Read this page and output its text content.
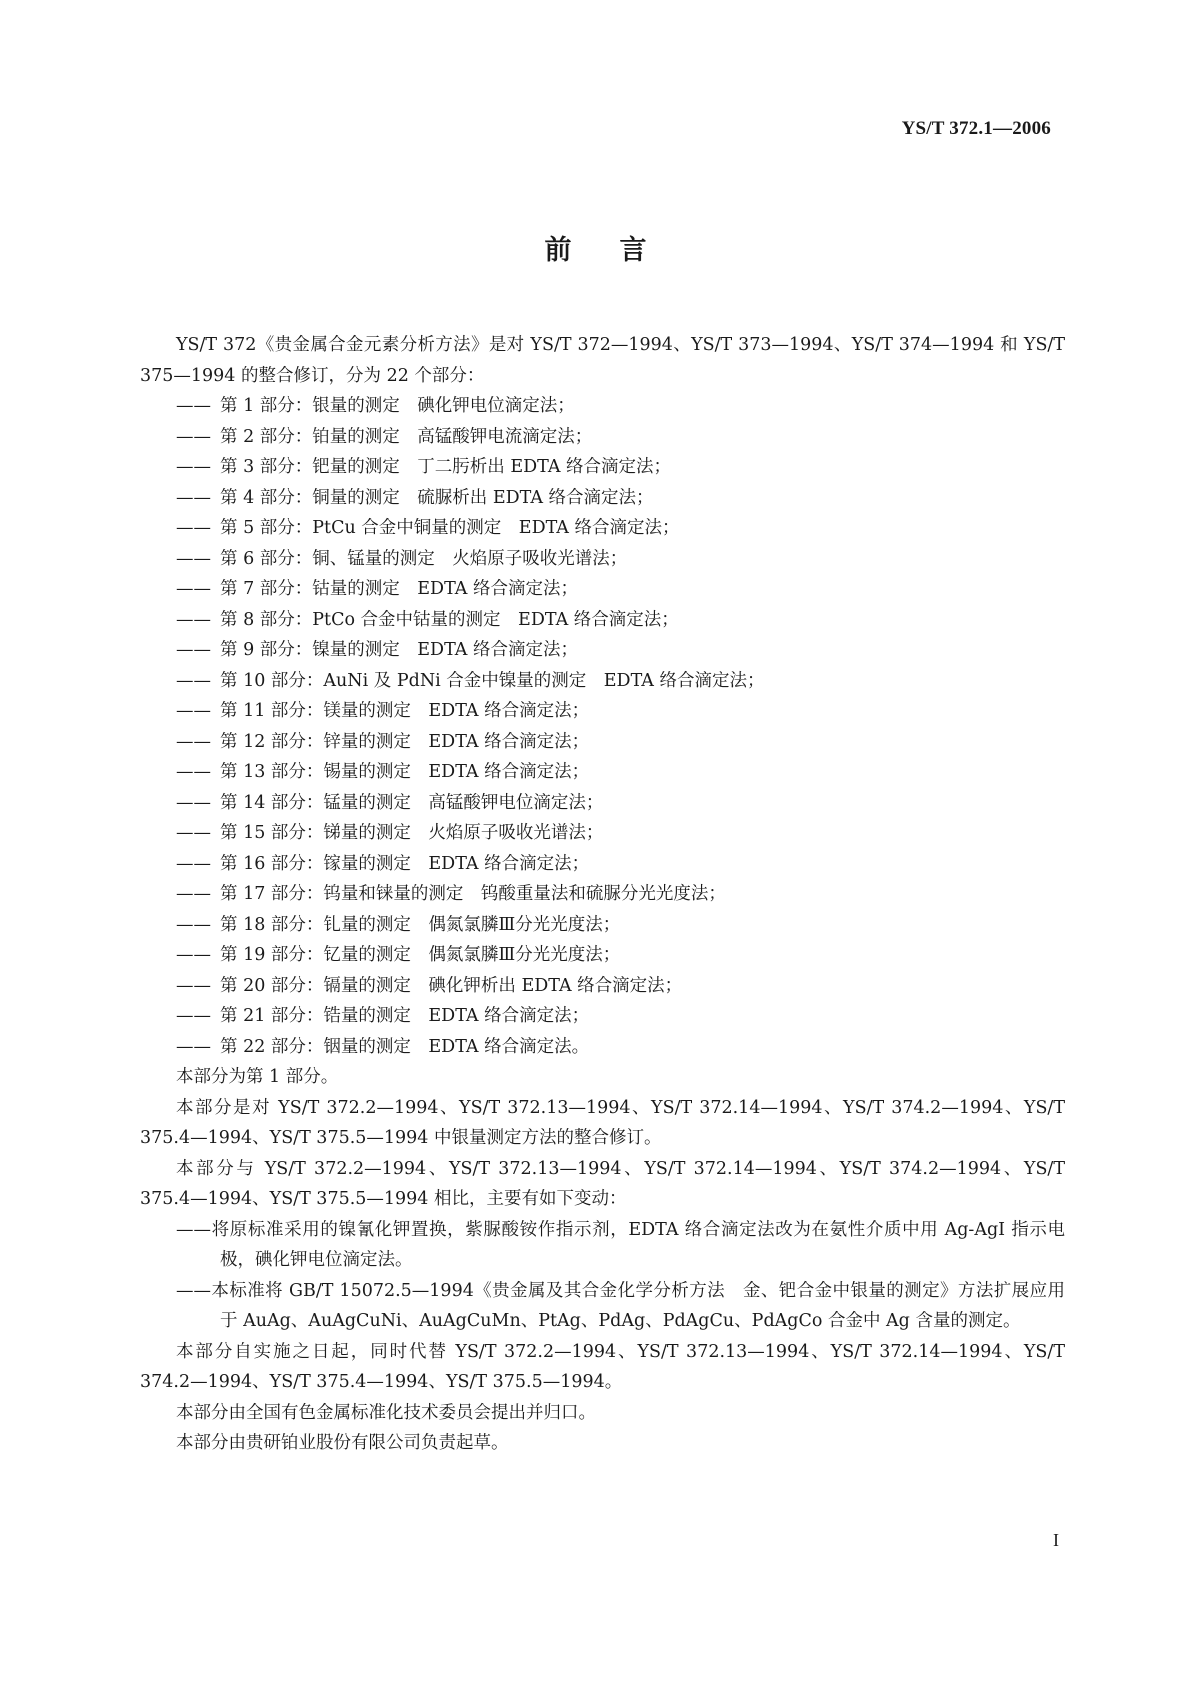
YS/T 372.1—2006
前言

YS/T 372《贵金属合金元素分析方法》是对 YS/T 372—1994、YS/T 373—1994、YS/T 374—1994 和 YS/T 375—1994 的整合修订，分为 22 个部分：

—— 第 1 部分：银量的测定　碘化钾电位滴定法；
—— 第 2 部分：铂量的测定　高锰酸钾电流滴定法；
—— 第 3 部分：钯量的测定　丁二肟析出 EDTA 络合滴定法；
—— 第 4 部分：铜量的测定　硫脲析出 EDTA 络合滴定法；
—— 第 5 部分：PtCu 合金中铜量的测定　EDTA 络合滴定法；
—— 第 6 部分：铜、锰量的测定　火焰原子吸收光谱法；
—— 第 7 部分：钴量的测定　EDTA 络合滴定法；
—— 第 8 部分：PtCo 合金中钴量的测定　EDTA 络合滴定法；
—— 第 9 部分：镍量的测定　EDTA 络合滴定法；
—— 第 10 部分：AuNi 及 PdNi 合金中镍量的测定　EDTA 络合滴定法；
—— 第 11 部分：镁量的测定　EDTA 络合滴定法；
—— 第 12 部分：锌量的测定　EDTA 络合滴定法；
—— 第 13 部分：锡量的测定　EDTA 络合滴定法；
—— 第 14 部分：锰量的测定　高锰酸钾电位滴定法；
—— 第 15 部分：锑量的测定　火焰原子吸收光谱法；
—— 第 16 部分：镓量的测定　EDTA 络合滴定法；
—— 第 17 部分：钨量和铼量的测定　钨酸重量法和硫脲分光光度法；
—— 第 18 部分：钆量的测定　偶氮氯膦Ⅲ分光光度法；
—— 第 19 部分：钇量的测定　偶氮氯膦Ⅲ分光光度法；
—— 第 20 部分：镉量的测定　碘化钾析出 EDTA 络合滴定法；
—— 第 21 部分：锆量的测定　EDTA 络合滴定法；
—— 第 22 部分：铟量的测定　EDTA 络合滴定法。

本部分为第 1 部分。

本部分是对 YS/T 372.2—1994、YS/T 372.13—1994、YS/T 372.14—1994、YS/T 374.2—1994、YS/T 375.4—1994、YS/T 375.5—1994 中银量测定方法的整合修订。

本部分与 YS/T 372.2—1994、YS/T 372.13—1994、YS/T 372.14—1994、YS/T 374.2—1994、YS/T 375.4—1994、YS/T 375.5—1994 相比，主要有如下变动：

——将原标准采用的镍氰化钾置换，紫脲酸铵作指示剂，EDTA 络合滴定法改为在氨性介质中用 Ag-AgI 指示电极，碘化钾电位滴定法。
——本标准将 GB/T 15072.5—1994《贵金属及其合金化学分析方法　金、钯合金中银量的测定》方法扩展应用于 AuAg、AuAgCuNi、AuAgCuMn、PtAg、PdAg、PdAgCu、PdAgCo 合金中 Ag 含量的测定。

本部分自实施之日起，同时代替 YS/T 372.2—1994、YS/T 372.13—1994、YS/T 372.14—1994、YS/T 374.2—1994、YS/T 375.4—1994、YS/T 375.5—1994。

本部分由全国有色金属标准化技术委员会提出并归口。

本部分由贵研铂业股份有限公司负责起草。

I
